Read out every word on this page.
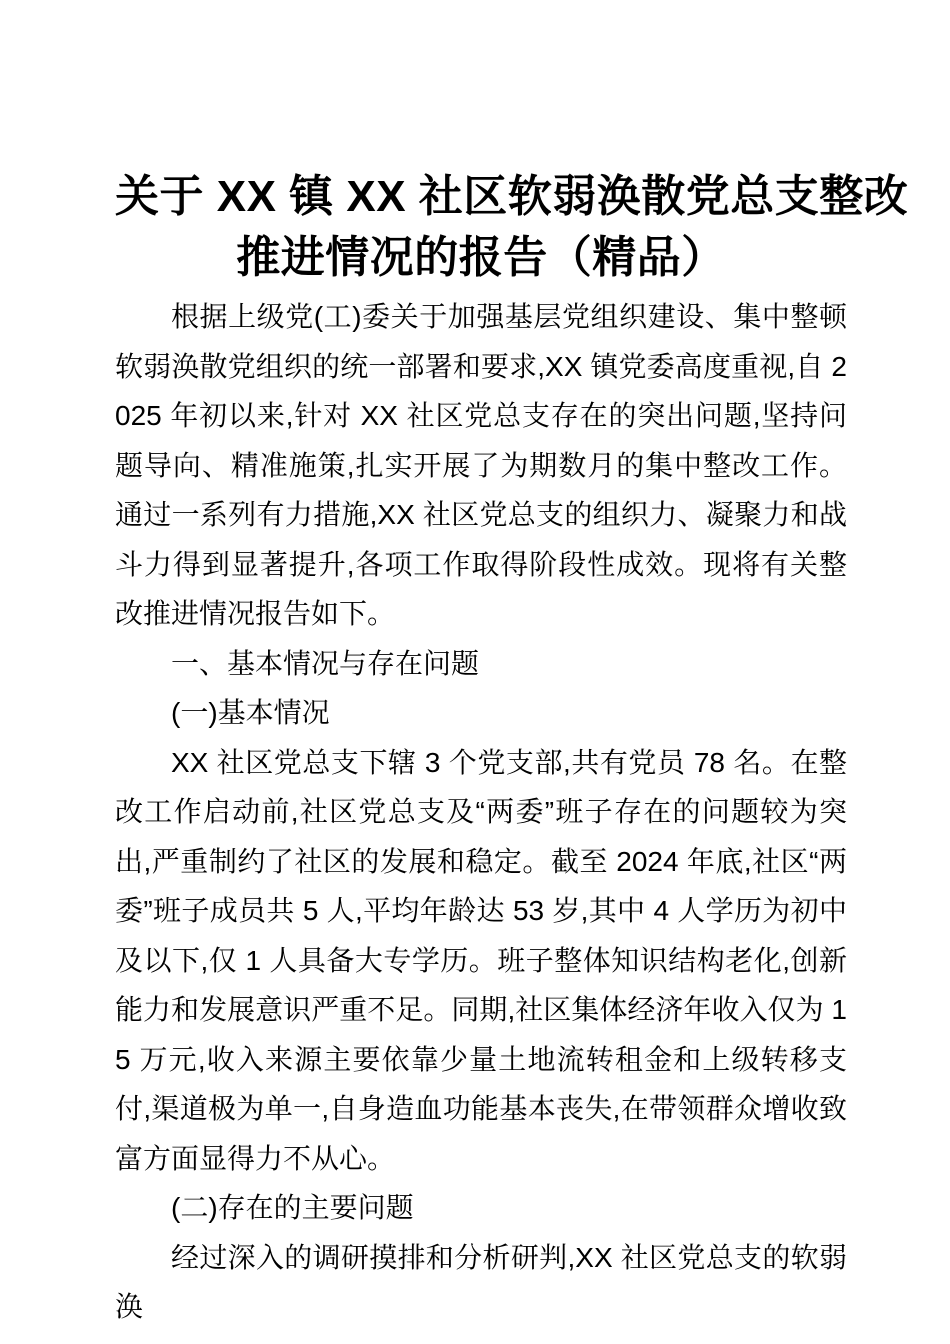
关于 XX 镇 XX 社区软弱涣散党总支整改
推进情况的报告（精品）

根据上级党(工)委关于加强基层党组织建设、集中整顿软弱涣散党组织的统一部署和要求,XX 镇党委高度重视,自 2025 年初以来,针对 XX 社区党总支存在的突出问题,坚持问题导向、精准施策,扎实开展了为期数月的集中整改工作。通过一系列有力措施,XX 社区党总支的组织力、凝聚力和战斗力得到显著提升,各项工作取得阶段性成效。现将有关整改推进情况报告如下。

一、基本情况与存在问题

(一)基本情况

XX 社区党总支下辖 3 个党支部,共有党员 78 名。在整改工作启动前,社区党总支及“两委”班子存在的问题较为突出,严重制约了社区的发展和稳定。截至 2024 年底,社区“两委”班子成员共 5 人,平均年龄达 53 岁,其中 4 人学历为初中及以下,仅 1 人具备大专学历。班子整体知识结构老化,创新能力和发展意识严重不足。同期,社区集体经济年收入仅为 15 万元,收入来源主要依靠少量土地流转租金和上级转移支付,渠道极为单一,自身造血功能基本丧失,在带领群众增收致富方面显得力不从心。

(二)存在的主要问题

经过深入的调研摸排和分析研判,XX 社区党总支的软弱涣
